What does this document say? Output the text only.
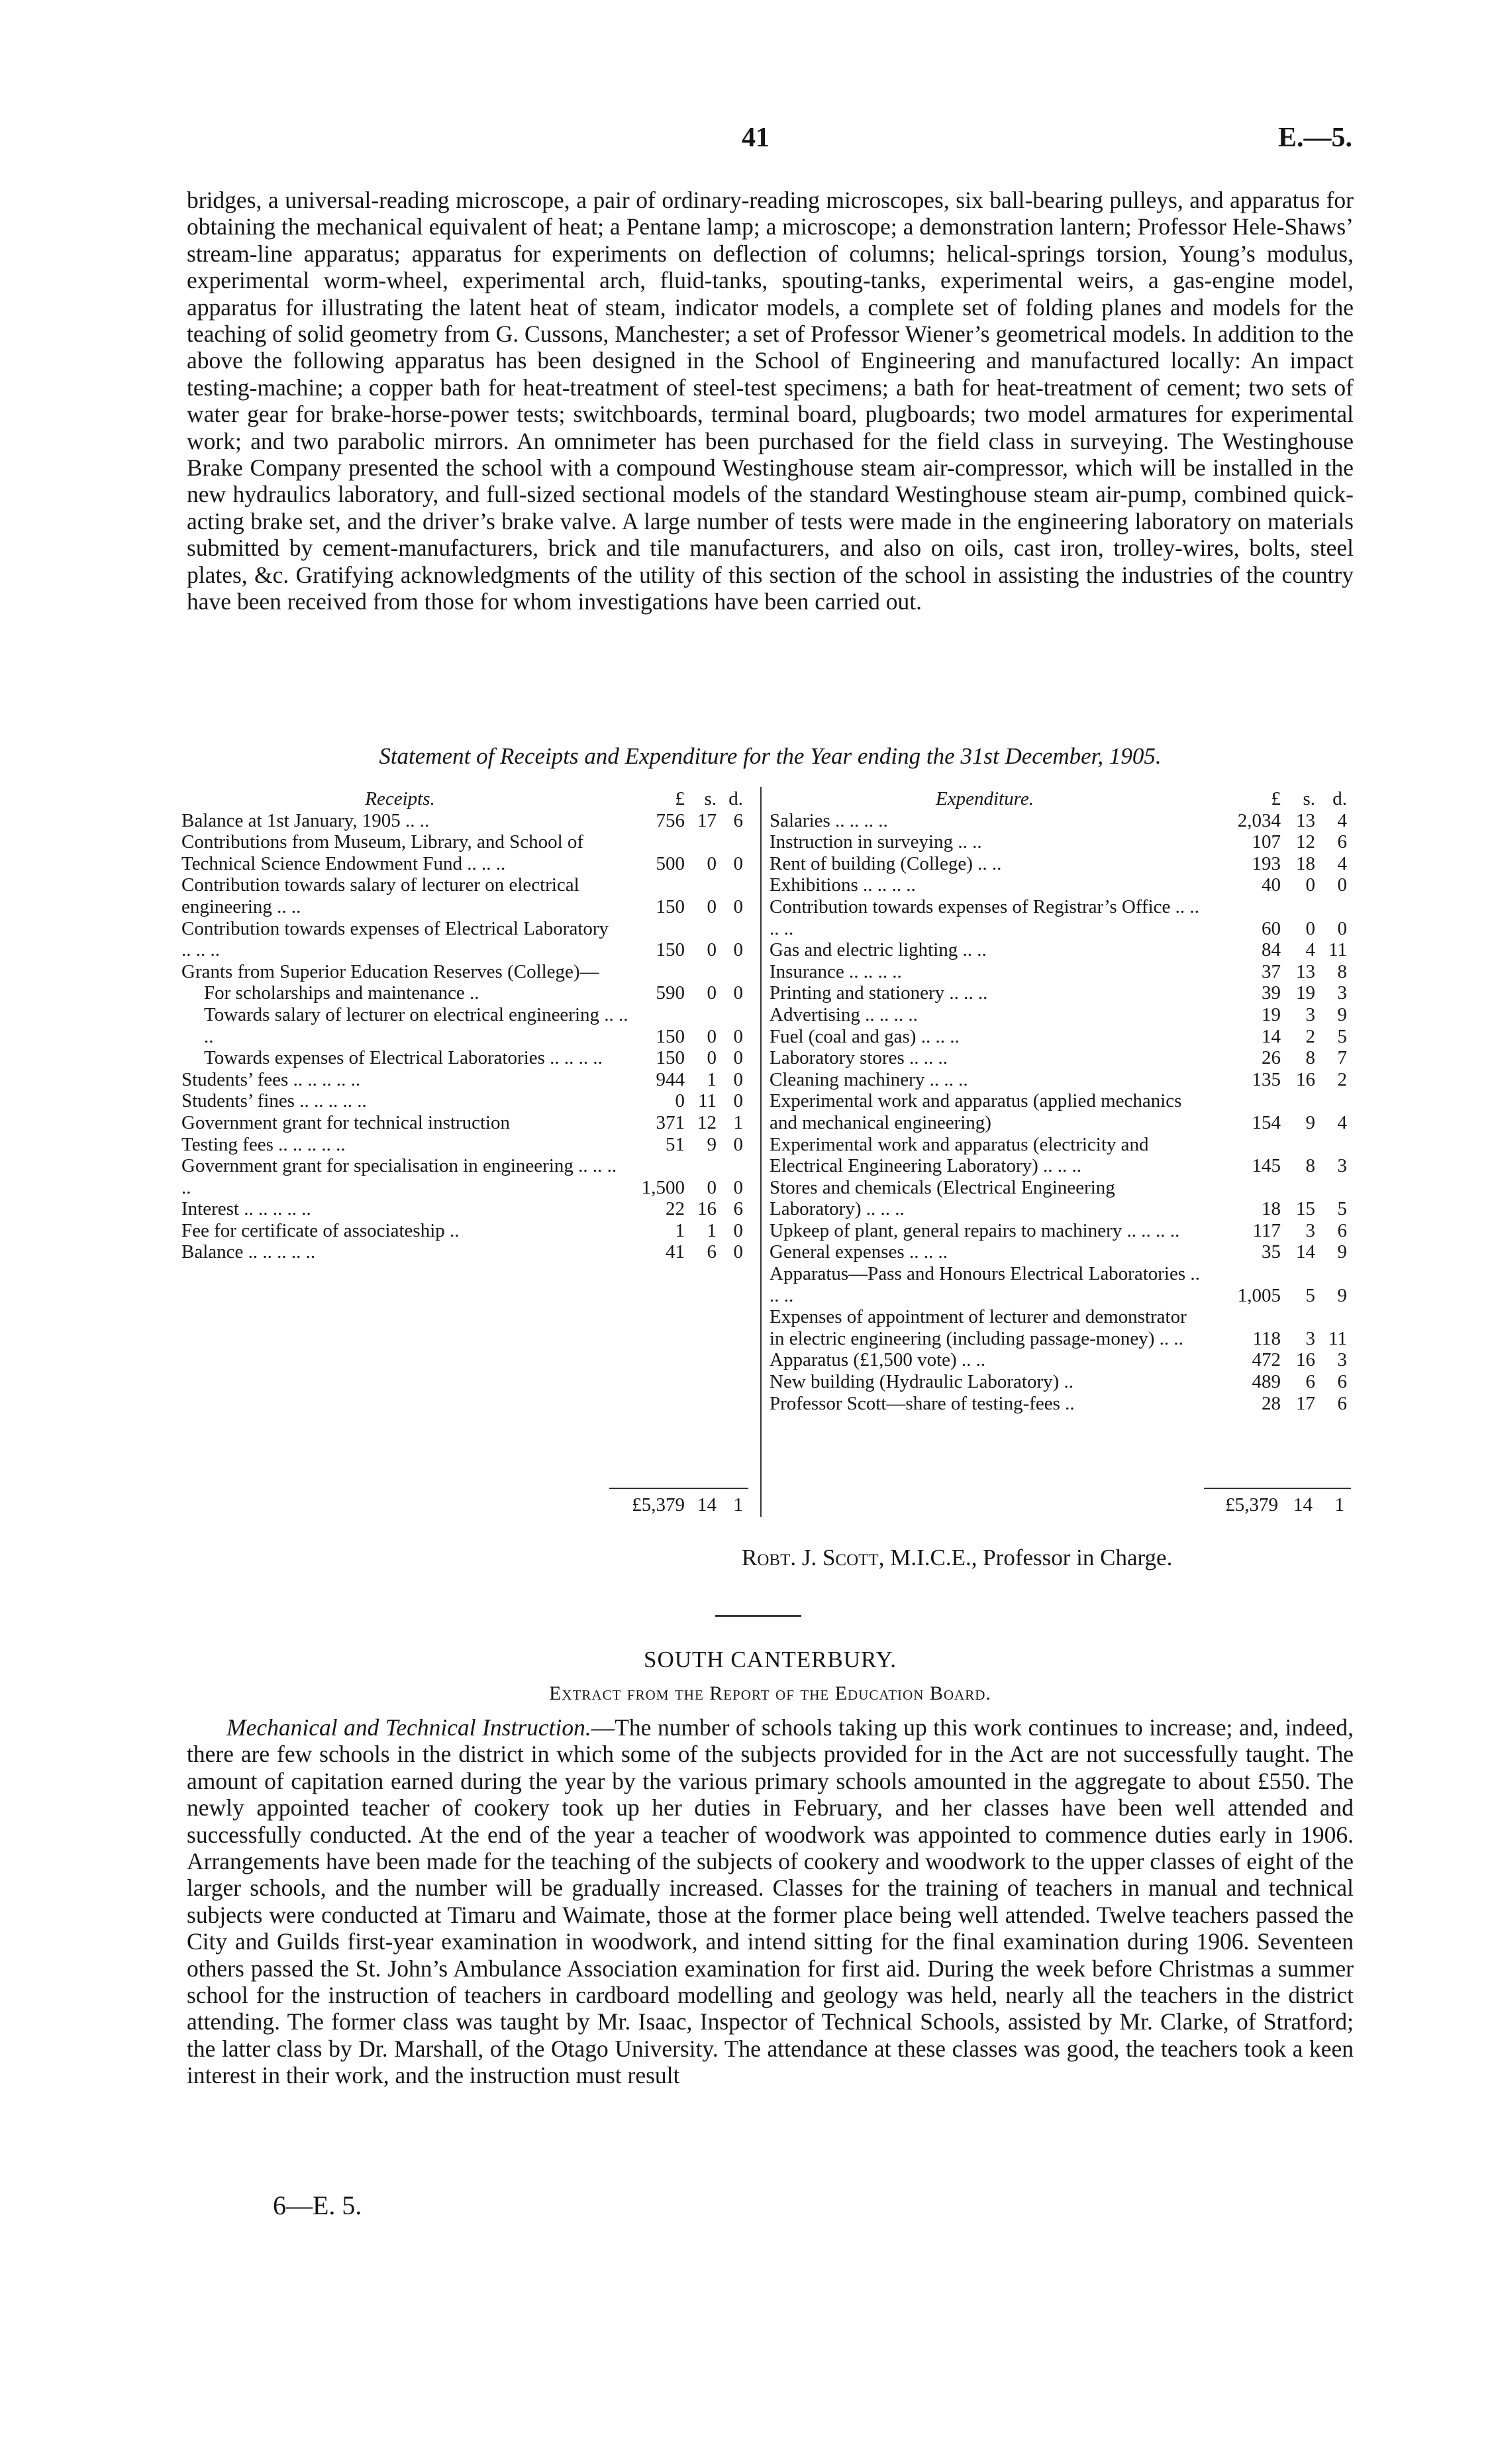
41	E.—5.
bridges, a universal-reading microscope, a pair of ordinary-reading microscopes, six ball-bearing pulleys, and apparatus for obtaining the mechanical equivalent of heat; a Pentane lamp; a microscope; a demonstration lantern; Professor Hele-Shaws’ stream-line apparatus; apparatus for experiments on deflection of columns; helical-springs torsion, Young’s modulus, experimental worm-wheel, experimental arch, fluid-tanks, spouting-tanks, experimental weirs, a gas-engine model, apparatus for illustrating the latent heat of steam, indicator models, a complete set of folding planes and models for the teaching of solid geometry from G. Cussons, Manchester; a set of Professor Wiener’s geometrical models. In addition to the above the following apparatus has been designed in the School of Engineering and manufactured locally: An impact testing-machine; a copper bath for heat-treatment of steel-test specimens; a bath for heat-treatment of cement; two sets of water gear for brake-horse-power tests; switchboards, terminal board, plugboards; two model armatures for experimental work; and two parabolic mirrors. An omnimeter has been purchased for the field class in surveying. The Westinghouse Brake Company presented the school with a compound Westinghouse steam air-compressor, which will be installed in the new hydraulics laboratory, and full-sized sectional models of the standard Westinghouse steam air-pump, combined quick-acting brake set, and the driver’s brake valve. A large number of tests were made in the engineering laboratory on materials submitted by cement-manufacturers, brick and tile manufacturers, and also on oils, cast iron, trolley-wires, bolts, steel plates, &c. Gratifying acknowledgments of the utility of this section of the school in assisting the industries of the country have been received from those for whom investigations have been carried out.
Statement of Receipts and Expenditure for the Year ending the 31st December, 1905.
Receipts.	£	s. d.
Balance at 1st January, 1905 .. ..	756 17 6
Contributions from Museum, Library, and School of Technical Science Endowment Fund .. .. ..	500	0 0
Contribution towards salary of lecturer on electrical engineering .. ..	150	0 0
Contribution towards expenses of Electrical Laboratory .. .. ..	150	0 0
Grants from Superior Education Reserves (College)—
For scholarships and maintenance ..	590	0 0
Towards salary of lecturer on electrical engineering .. .. ..	150	0 0
Towards expenses of Electrical Laboratories .. .. .. ..	150	0 0
Students’ fees .. .. .. .. ..	944	1 0
Students’ fines .. .. .. .. ..	0 11 0
Government grant for technical instruction	371 12 1
Testing fees .. .. .. .. ..	51	9 0
Government grant for specialisation in engineering .. .. .. ..	1,500	0 0
Interest .. .. .. .. ..	22 16 6
Fee for certificate of associateship ..	1	1 0
Balance .. .. .. .. ..	41	6 0
Expenditure.	£	s. d.
Salaries .. .. .. ..	2,034 13	4
Instruction in surveying .. ..	107 12	6
Rent of building (College) .. ..	193 18	4
Exhibitions .. .. .. ..	40	0	0
Contribution towards expenses of Registrar’s Office .. .. .. ..	60	0	0
Gas and electric lighting .. ..	84	4 11
Insurance .. .. .. ..	37 13	8
Printing and stationery .. .. ..	39 19	3
Advertising .. .. .. ..	19	3	9
Fuel (coal and gas) .. .. ..	14	2	5
Laboratory stores .. .. ..	26	8	7
Cleaning machinery .. .. ..	135 16	2
Experimental work and apparatus (applied mechanics and mechanical engineering)	154	9	4
Experimental work and apparatus (electricity and Electrical Engineering Laboratory) .. .. ..	145	8	3
Stores and chemicals (Electrical Engineering Laboratory) .. .. ..	18 15	5
Upkeep of plant, general repairs to machinery .. .. .. ..	117	3	6
General expenses .. .. ..	35 14	9
Apparatus—Pass and Honours Electrical Laboratories .. .. ..	1,005	5	9
Expenses of appointment of lecturer and demonstrator in electric engineering (including passage-money) .. ..	118	3 11
Apparatus (£1,500 vote) .. ..	472 16	3
New building (Hydraulic Laboratory) ..	489	6	6
Professor Scott—share of testing-fees ..	28 17	6
£5,379 14 1	£5,379 14	1
Robt. J. Scott, M.I.C.E., Professor in Charge.
SOUTH CANTERBURY.
Extract from the Report of the Education Board.
Mechanical and Technical Instruction.—The number of schools taking up this work continues to increase; and, indeed, there are few schools in the district in which some of the subjects provided for in the Act are not successfully taught. The amount of capitation earned during the year by the various primary schools amounted in the aggregate to about £550. The newly appointed teacher of cookery took up her duties in February, and her classes have been well attended and successfully conducted. At the end of the year a teacher of woodwork was appointed to commence duties early in 1906. Arrangements have been made for the teaching of the subjects of cookery and woodwork to the upper classes of eight of the larger schools, and the number will be gradually increased. Classes for the training of teachers in manual and technical subjects were conducted at Timaru and Waimate, those at the former place being well attended. Twelve teachers passed the City and Guilds first-year examination in woodwork, and intend sitting for the final examination during 1906. Seventeen others passed the St. John’s Ambulance Association examination for first aid. During the week before Christmas a summer school for the instruction of teachers in cardboard modelling and geology was held, nearly all the teachers in the district attending. The former class was taught by Mr. Isaac, Inspector of Technical Schools, assisted by Mr. Clarke, of Stratford; the latter class by Dr. Marshall, of the Otago University. The attendance at these classes was good, the teachers took a keen interest in their work, and the instruction must result
6—E. 5.
